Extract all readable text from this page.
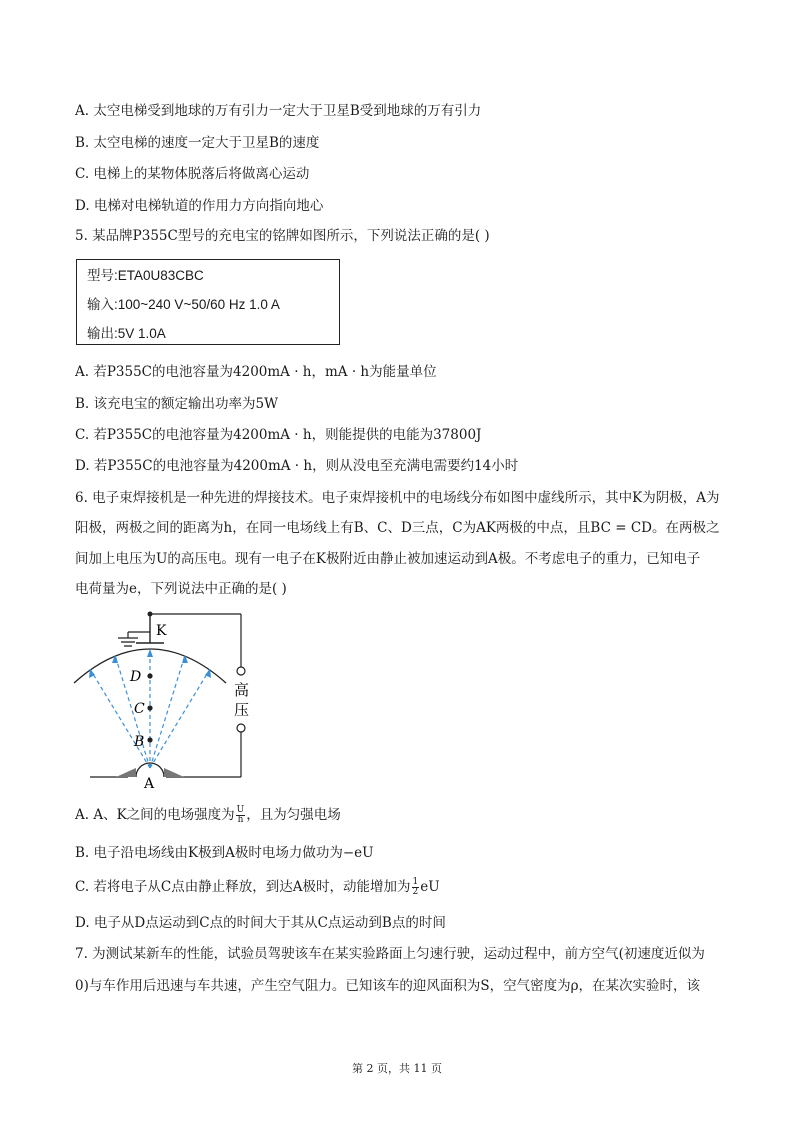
A. 太空电梯受到地球的万有引力一定大于卫星B受到地球的万有引力
B. 太空电梯的速度一定大于卫星B的速度
C. 电梯上的某物体脱落后将做离心运动
D. 电梯对电梯轨道的作用力方向指向地心
5. 某品牌P355C型号的充电宝的铭牌如图所示，下列说法正确的是( )
型号:ETA0U83CBC
输入:100~240 V~50/60 Hz 1.0 A
输出:5V 1.0A
A. 若P355C的电池容量为4200mA · h，mA · h为能量单位
B. 该充电宝的额定输出功率为5W
C. 若P355C的电池容量为4200mA · h，则能提供的电能为37800J
D. 若P355C的电池容量为4200mA · h，则从没电至充满电需要约14小时
6. 电子束焊接机是一种先进的焊接技术。电子束焊接机中的电场线分布如图中虚线所示，其中K为阴极，A为
阳极，两极之间的距离为h，在同一电场线上有B、C、D三点，C为AK两极的中点，且BC = CD。在两极之
间加上电压为U的高压电。现有一电子在K极附近由静止被加速运动到A极。不考虑电子的重力，已知电子
电荷量为e，下列说法中正确的是( )
K
D
C
B
A
高
压
A. A、K之间的电场强度为 $\frac{U}{h}$ ，且为匀强电场
B. 电子沿电场线由K极到A极时电场力做功为−eU
C. 若将电子从C点由静止释放，到达A极时，动能增加为 $\frac{1}{2}$ eU
D. 电子从D点运动到C点的时间大于其从C点运动到B点的时间
7. 为测试某新车的性能，试验员驾驶该车在某实验路面上匀速行驶，运动过程中，前方空气(初速度近似为
0)与车作用后迅速与车共速，产生空气阻力。已知该车的迎风面积为S，空气密度为ρ，在某次实验时，该
第 2 页，共 11 页
